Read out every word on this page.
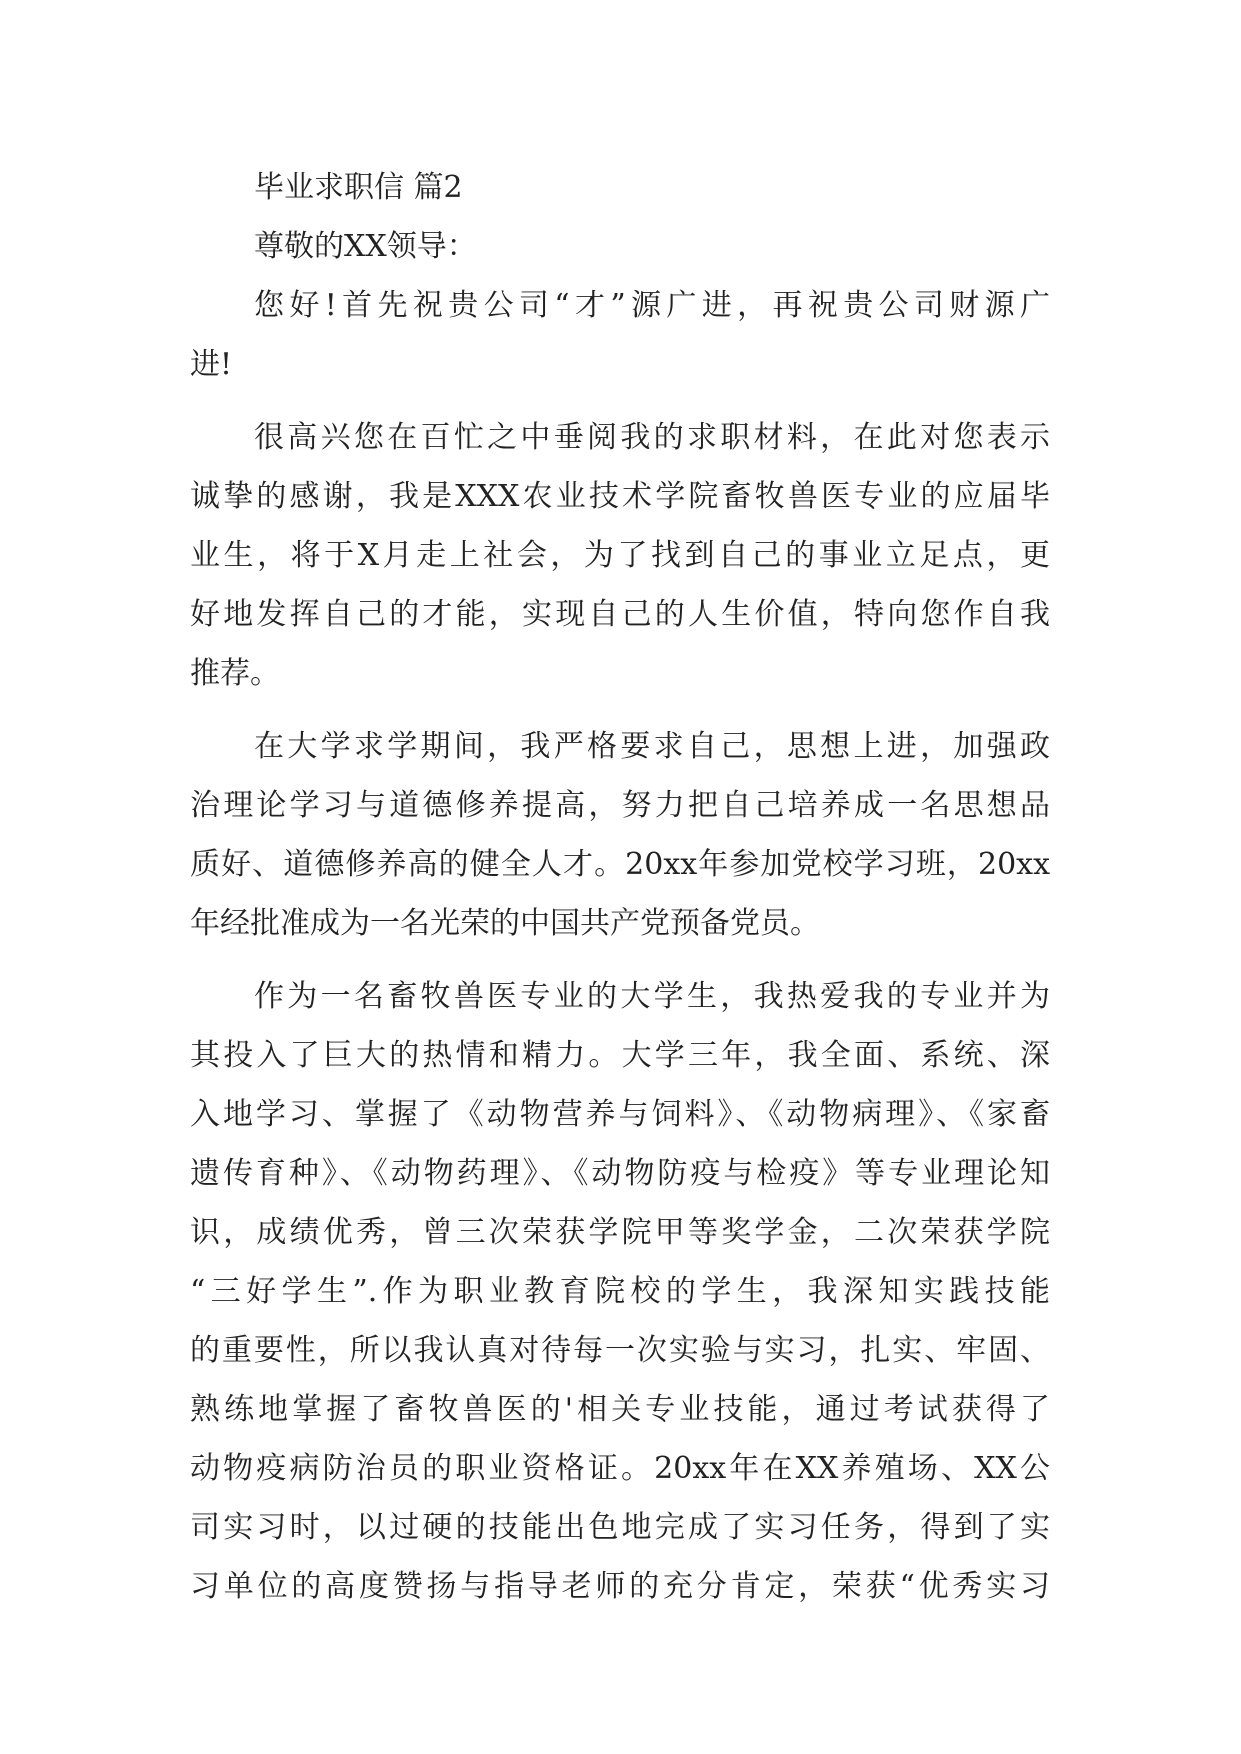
毕业求职信 篇2
尊敬的XX领导：
您好!首先祝贵公司“才”源广进，再祝贵公司财源广
进!
很高兴您在百忙之中垂阅我的求职材料，在此对您表示
诚挚的感谢，我是XXX农业技术学院畜牧兽医专业的应届毕
业生，将于X月走上社会，为了找到自己的事业立足点，更
好地发挥自己的才能，实现自己的人生价值，特向您作自我
推荐。
在大学求学期间，我严格要求自己，思想上进，加强政
治理论学习与道德修养提高，努力把自己培养成一名思想品
质好、道德修养高的健全人才。20xx年参加党校学习班，20xx
年经批准成为一名光荣的中国共产党预备党员。
作为一名畜牧兽医专业的大学生，我热爱我的专业并为
其投入了巨大的热情和精力。大学三年，我全面、系统、深
入地学习、掌握了《动物营养与饲料》、《动物病理》、《家畜
遗传育种》、《动物药理》、《动物防疫与检疫》等专业理论知
识，成绩优秀，曾三次荣获学院甲等奖学金，二次荣获学院
“三好学生”.作为职业教育院校的学生，我深知实践技能
的重要性，所以我认真对待每一次实验与实习，扎实、牢固、
熟练地掌握了畜牧兽医的'相关专业技能，通过考试获得了
动物疫病防治员的职业资格证。20xx年在XX养殖场、XX公
司实习时，以过硬的技能出色地完成了实习任务，得到了实
习单位的高度赞扬与指导老师的充分肯定，荣获“优秀实习
